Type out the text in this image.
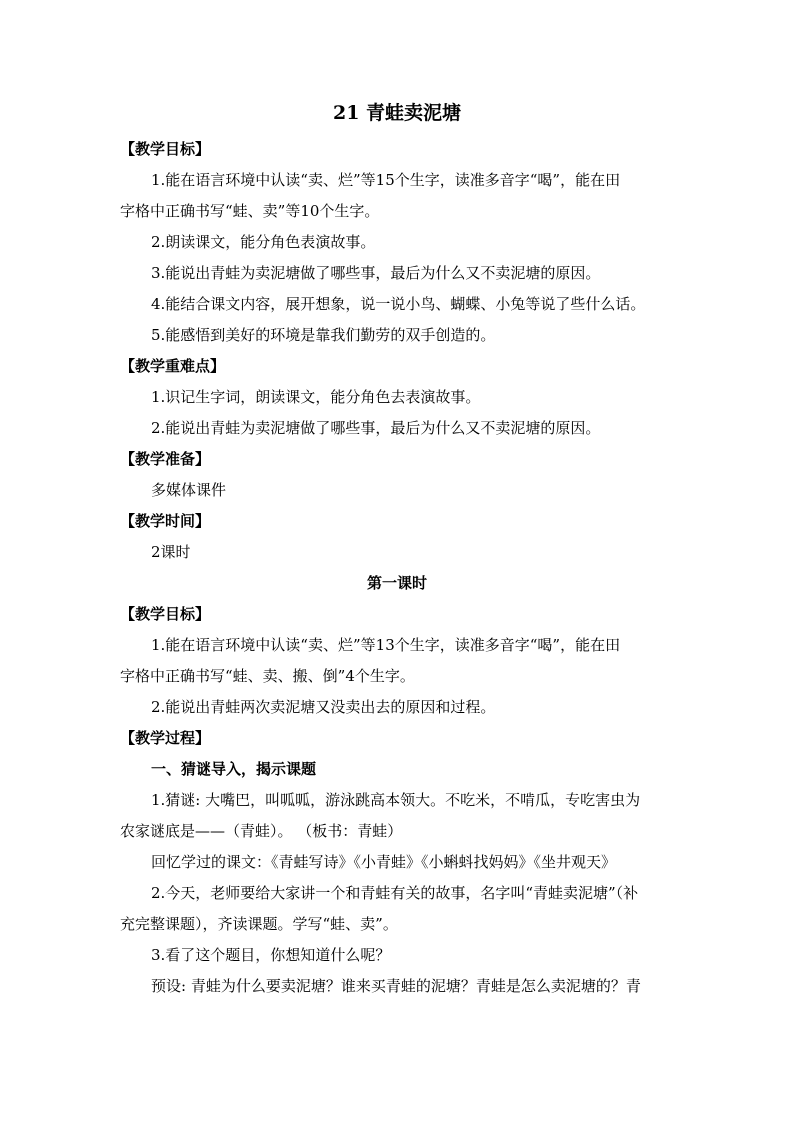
21 青蛙卖泥塘
【教学目标】
1.能在语言环境中认读“卖、烂”等15个生字，读准多音字“喝”，能在田
字格中正确书写“蛙、卖”等10个生字。
2.朗读课文，能分角色表演故事。
3.能说出青蛙为卖泥塘做了哪些事，最后为什么又不卖泥塘的原因。
4.能结合课文内容，展开想象，说一说小鸟、蝴蝶、小兔等说了些什么话。
5.能感悟到美好的环境是靠我们勤劳的双手创造的。
【教学重难点】
1.识记生字词，朗读课文，能分角色去表演故事。
2.能说出青蛙为卖泥塘做了哪些事，最后为什么又不卖泥塘的原因。
【教学准备】
多媒体课件
【教学时间】
2课时
第一课时
【教学目标】
1.能在语言环境中认读“卖、烂”等13个生字，读准多音字“喝”，能在田
字格中正确书写“蛙、卖、搬、倒”4个生字。
2.能说出青蛙两次卖泥塘又没卖出去的原因和过程。
【教学过程】
一、猜谜导入，揭示课题
1.猜谜: 大嘴巴，叫呱呱，游泳跳高本领大。不吃米，不啃瓜，专吃害虫为
农家谜底是——（青蛙）。 （板书：青蛙）
回忆学过的课文：《青蛙写诗》《小青蛙》《小蝌蚪找妈妈》《坐井观天》
2.今天，老师要给大家讲一个和青蛙有关的故事，名字叫“青蛙卖泥塘”（补
充完整课题），齐读课题。学写“蛙、卖”。
3.看了这个题目，你想知道什么呢？
预设: 青蛙为什么要卖泥塘？谁来买青蛙的泥塘？青蛙是怎么卖泥塘的？青
